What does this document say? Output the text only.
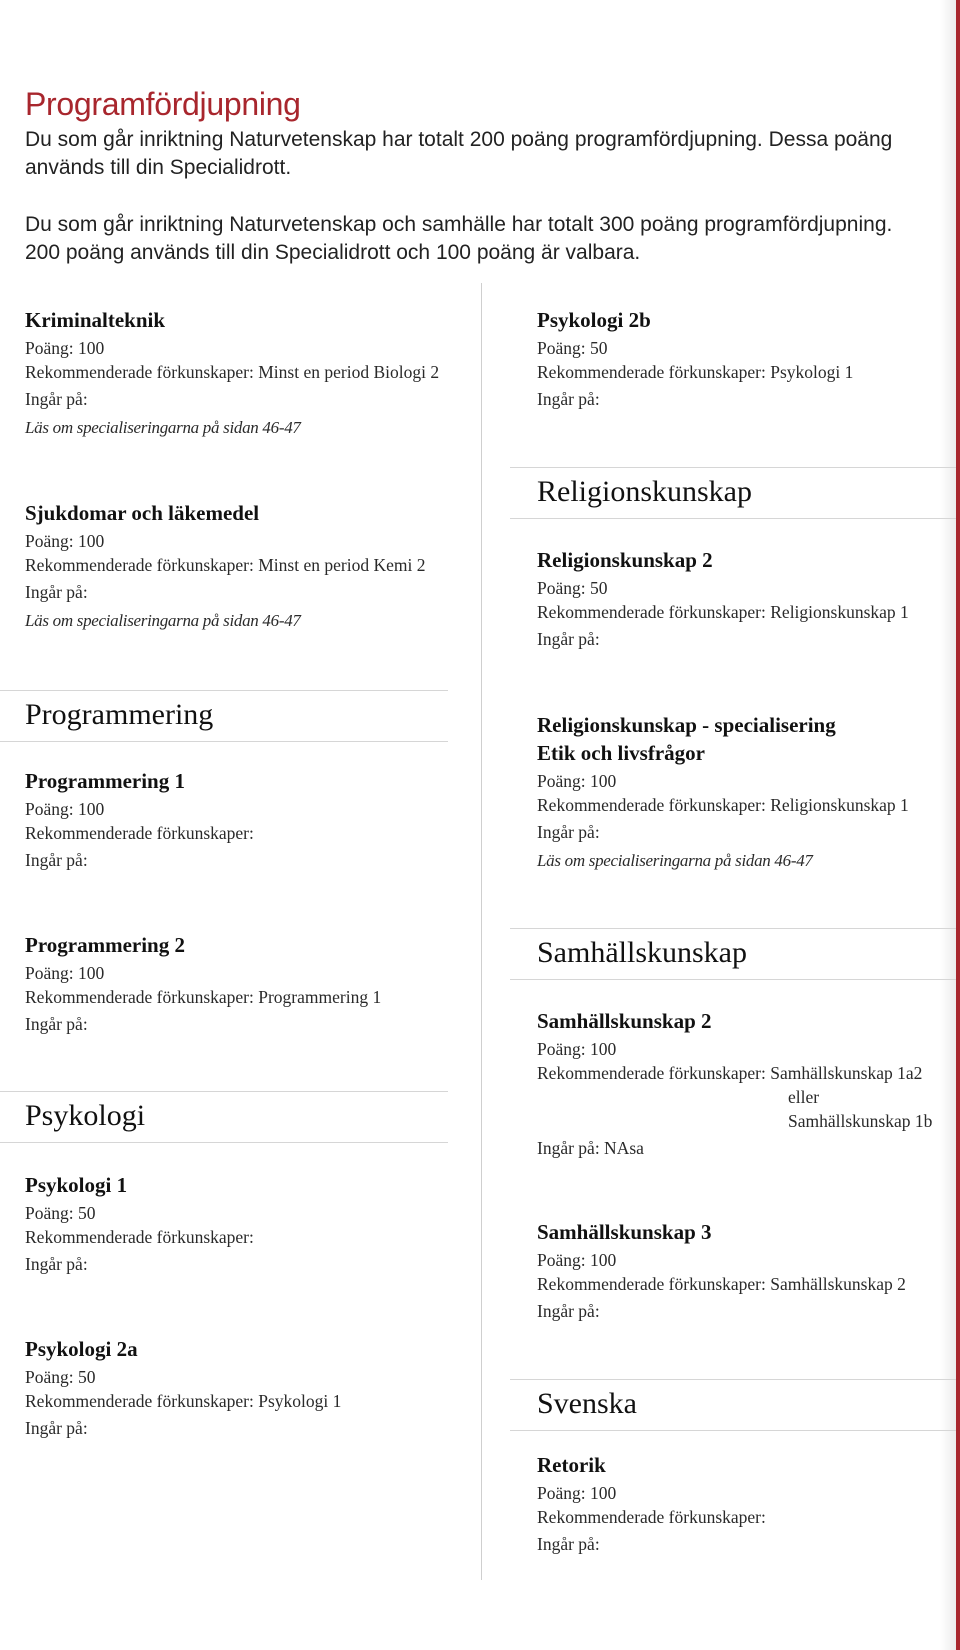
Programfördjupning

Du som går inriktning Naturvetenskap har totalt 200 poäng programfördjupning. Dessa poäng används till din Specialidrott.

Du som går inriktning Naturvetenskap och samhälle har totalt 300 poäng programfördjupning. 200 poäng används till din Specialidrott och 100 poäng är valbara.

Kriminalteknik
Poäng: 100
Rekommenderade förkunskaper: Minst en period Biologi 2
Ingår på:
Läs om specialiseringarna på sidan 46-47
Sjukdomar och läkemedel
Poäng: 100
Rekommenderade förkunskaper: Minst en period Kemi 2
Ingår på:
Läs om specialiseringarna på sidan 46-47
Programmering
Programmering 1
Poäng: 100
Rekommenderade förkunskaper:
Ingår på:
Programmering 2
Poäng: 100
Rekommenderade förkunskaper: Programmering 1
Ingår på:
Psykologi
Psykologi 1
Poäng: 50
Rekommenderade förkunskaper:
Ingår på:
Psykologi 2a
Poäng: 50
Rekommenderade förkunskaper: Psykologi 1
Ingår på:
Psykologi 2b
Poäng: 50
Rekommenderade förkunskaper: Psykologi 1
Ingår på:
Religionskunskap
Religionskunskap 2
Poäng: 50
Rekommenderade förkunskaper: Religionskunskap 1
Ingår på:
Religionskunskap - specialisering
Etik och livsfrågor
Poäng: 100
Rekommenderade förkunskaper: Religionskunskap 1
Ingår på:
Läs om specialiseringarna på sidan 46-47
Samhällskunskap
Samhällskunskap 2
Poäng: 100
Rekommenderade förkunskaper: Samhällskunskap 1a2
eller
Samhällskunskap 1b
Ingår på: NAsa
Samhällskunskap 3
Poäng: 100
Rekommenderade förkunskaper: Samhällskunskap 2
Ingår på:
Svenska
Retorik
Poäng: 100
Rekommenderade förkunskaper:
Ingår på:
